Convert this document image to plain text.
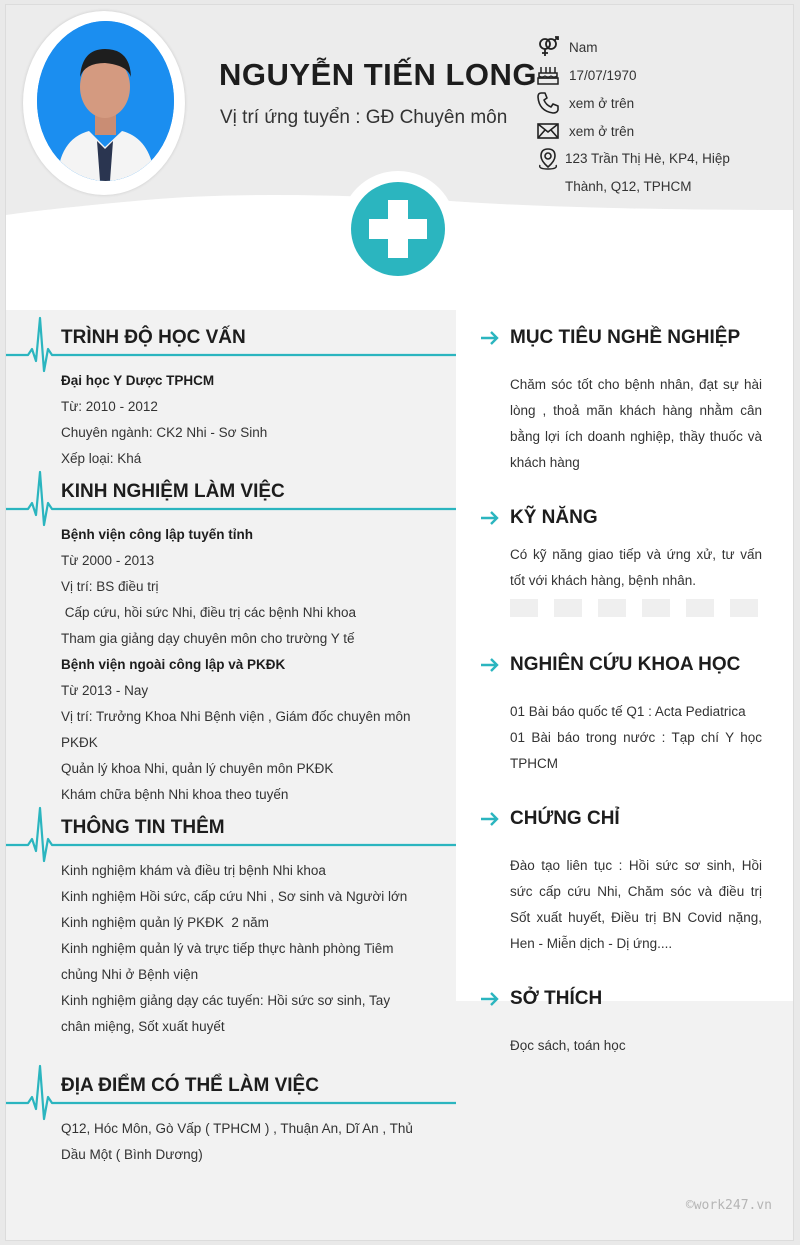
NGUYỄN TIẾN LONG
Vị trí ứng tuyển : GĐ Chuyên môn
Nam
17/07/1970
xem ở trên
xem ở trên
123 Trần Thị Hè, KP4, Hiệp
Thành, Q12, TPHCM
TRÌNH ĐỘ HỌC VẤN
Đại học Y Dược TPHCM
Từ: 2010 - 2012
Chuyên ngành: CK2 Nhi - Sơ Sinh
Xếp loại: Khá
KINH NGHIỆM LÀM VIỆC
Bệnh viện công lập tuyến tỉnh
Từ 2000 - 2013
Vị trí: BS điều trị
Cấp cứu, hồi sức Nhi, điều trị các bệnh Nhi khoa
Tham gia giảng dạy chuyên môn cho trường Y tế
Bệnh viện ngoài công lập và PKĐK
Từ 2013 - Nay
Vị trí: Trưởng Khoa Nhi Bệnh viện , Giám đốc chuyên môn
PKĐK
Quản lý khoa Nhi, quản lý chuyên môn PKĐK
Khám chữa bệnh Nhi khoa theo tuyến
THÔNG TIN THÊM
Kinh nghiệm khám và điều trị bệnh Nhi khoa
Kinh nghiệm Hồi sức, cấp cứu Nhi , Sơ sinh và Người lớn
Kinh nghiệm quản lý PKĐK  2 năm
Kinh nghiệm quản lý và trực tiếp thực hành phòng Tiêm
chủng Nhi ở Bệnh viện
Kinh nghiệm giảng dạy các tuyến: Hồi sức sơ sinh, Tay
chân miệng, Sốt xuất huyết
ĐỊA ĐIỂM CÓ THỂ LÀM VIỆC
Q12, Hóc Môn, Gò Vấp ( TPHCM ) , Thuận An, Dĩ An , Thủ
Dầu Một ( Bình Dương)
MỤC TIÊU NGHỀ NGHIỆP
Chăm sóc tốt cho bệnh nhân, đạt sự hài lòng , thoả mãn khách hàng nhằm cân bằng lợi ích doanh nghiệp, thầy thuốc và khách hàng
KỸ NĂNG
Có kỹ năng giao tiếp và ứng xử, tư vấn tốt với khách hàng, bệnh nhân.
NGHIÊN CỨU KHOA HỌC
01 Bài báo quốc tế Q1 : Acta Pediatrica
01 Bài báo trong nước : Tạp chí Y học TPHCM
CHỨNG CHỈ
Đào tạo liên tục : Hồi sức sơ sinh, Hồi sức cấp cứu Nhi, Chăm sóc và điều trị Sốt xuất huyết, Điều trị BN Covid nặng, Hen - Miễn dịch - Dị ứng....
SỞ THÍCH
Đọc sách, toán học
©work247.vn
